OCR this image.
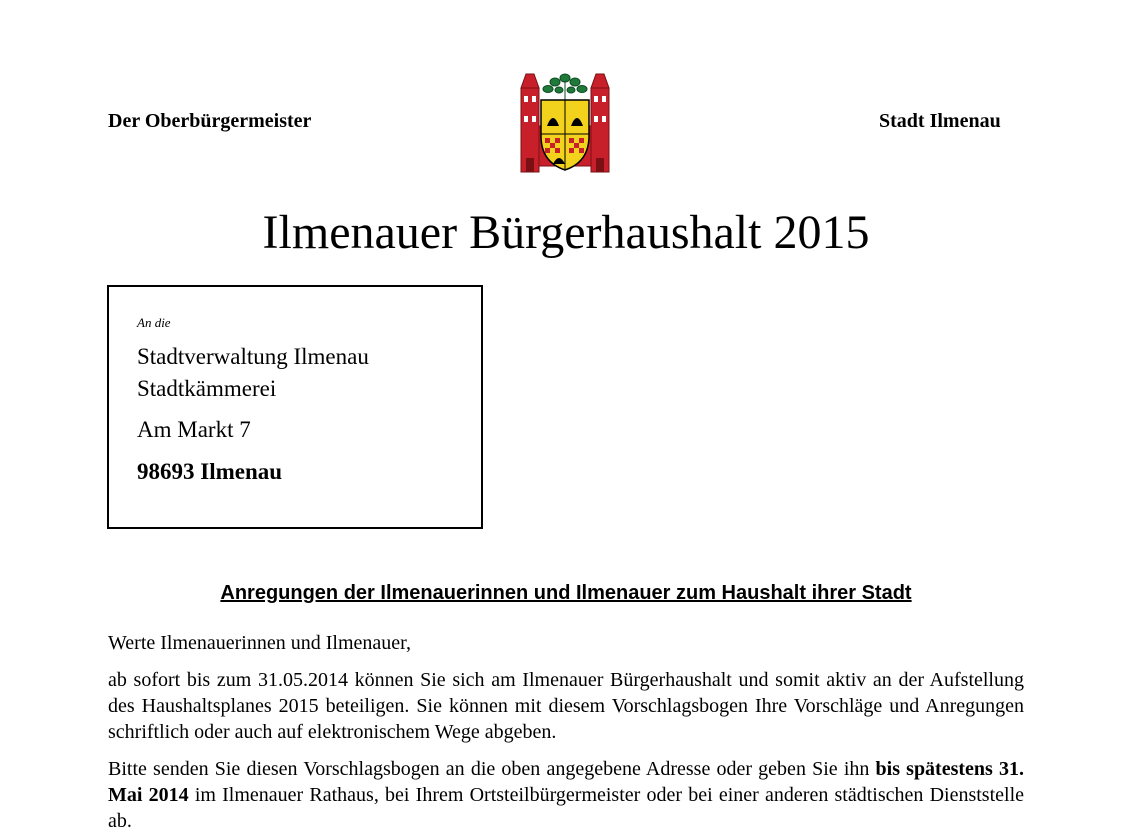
Der Oberbürgermeister	Stadt Ilmenau
Ilmenauer Bürgerhaushalt 2015
An die
Stadtverwaltung Ilmenau
Stadtkämmerei
Am Markt 7
98693 Ilmenau
Anregungen der Ilmenauerinnen und Ilmenauer zum Haushalt ihrer Stadt
Werte Ilmenauerinnen und Ilmenauer,
ab sofort bis zum 31.05.2014 können Sie sich am Ilmenauer Bürgerhaushalt und somit aktiv an der Aufstellung des Haushaltsplanes 2015 beteiligen. Sie können mit diesem Vorschlagsbogen Ihre Vorschläge und Anregungen schriftlich oder auch auf elektronischem Wege abgeben.
Bitte senden Sie diesen Vorschlagsbogen an die oben angegebene Adresse oder geben Sie ihn bis spätestens 31. Mai 2014 im Ilmenauer Rathaus, bei Ihrem Ortsteilbürgermeister oder bei einer anderen städtischen Dienststelle ab.
